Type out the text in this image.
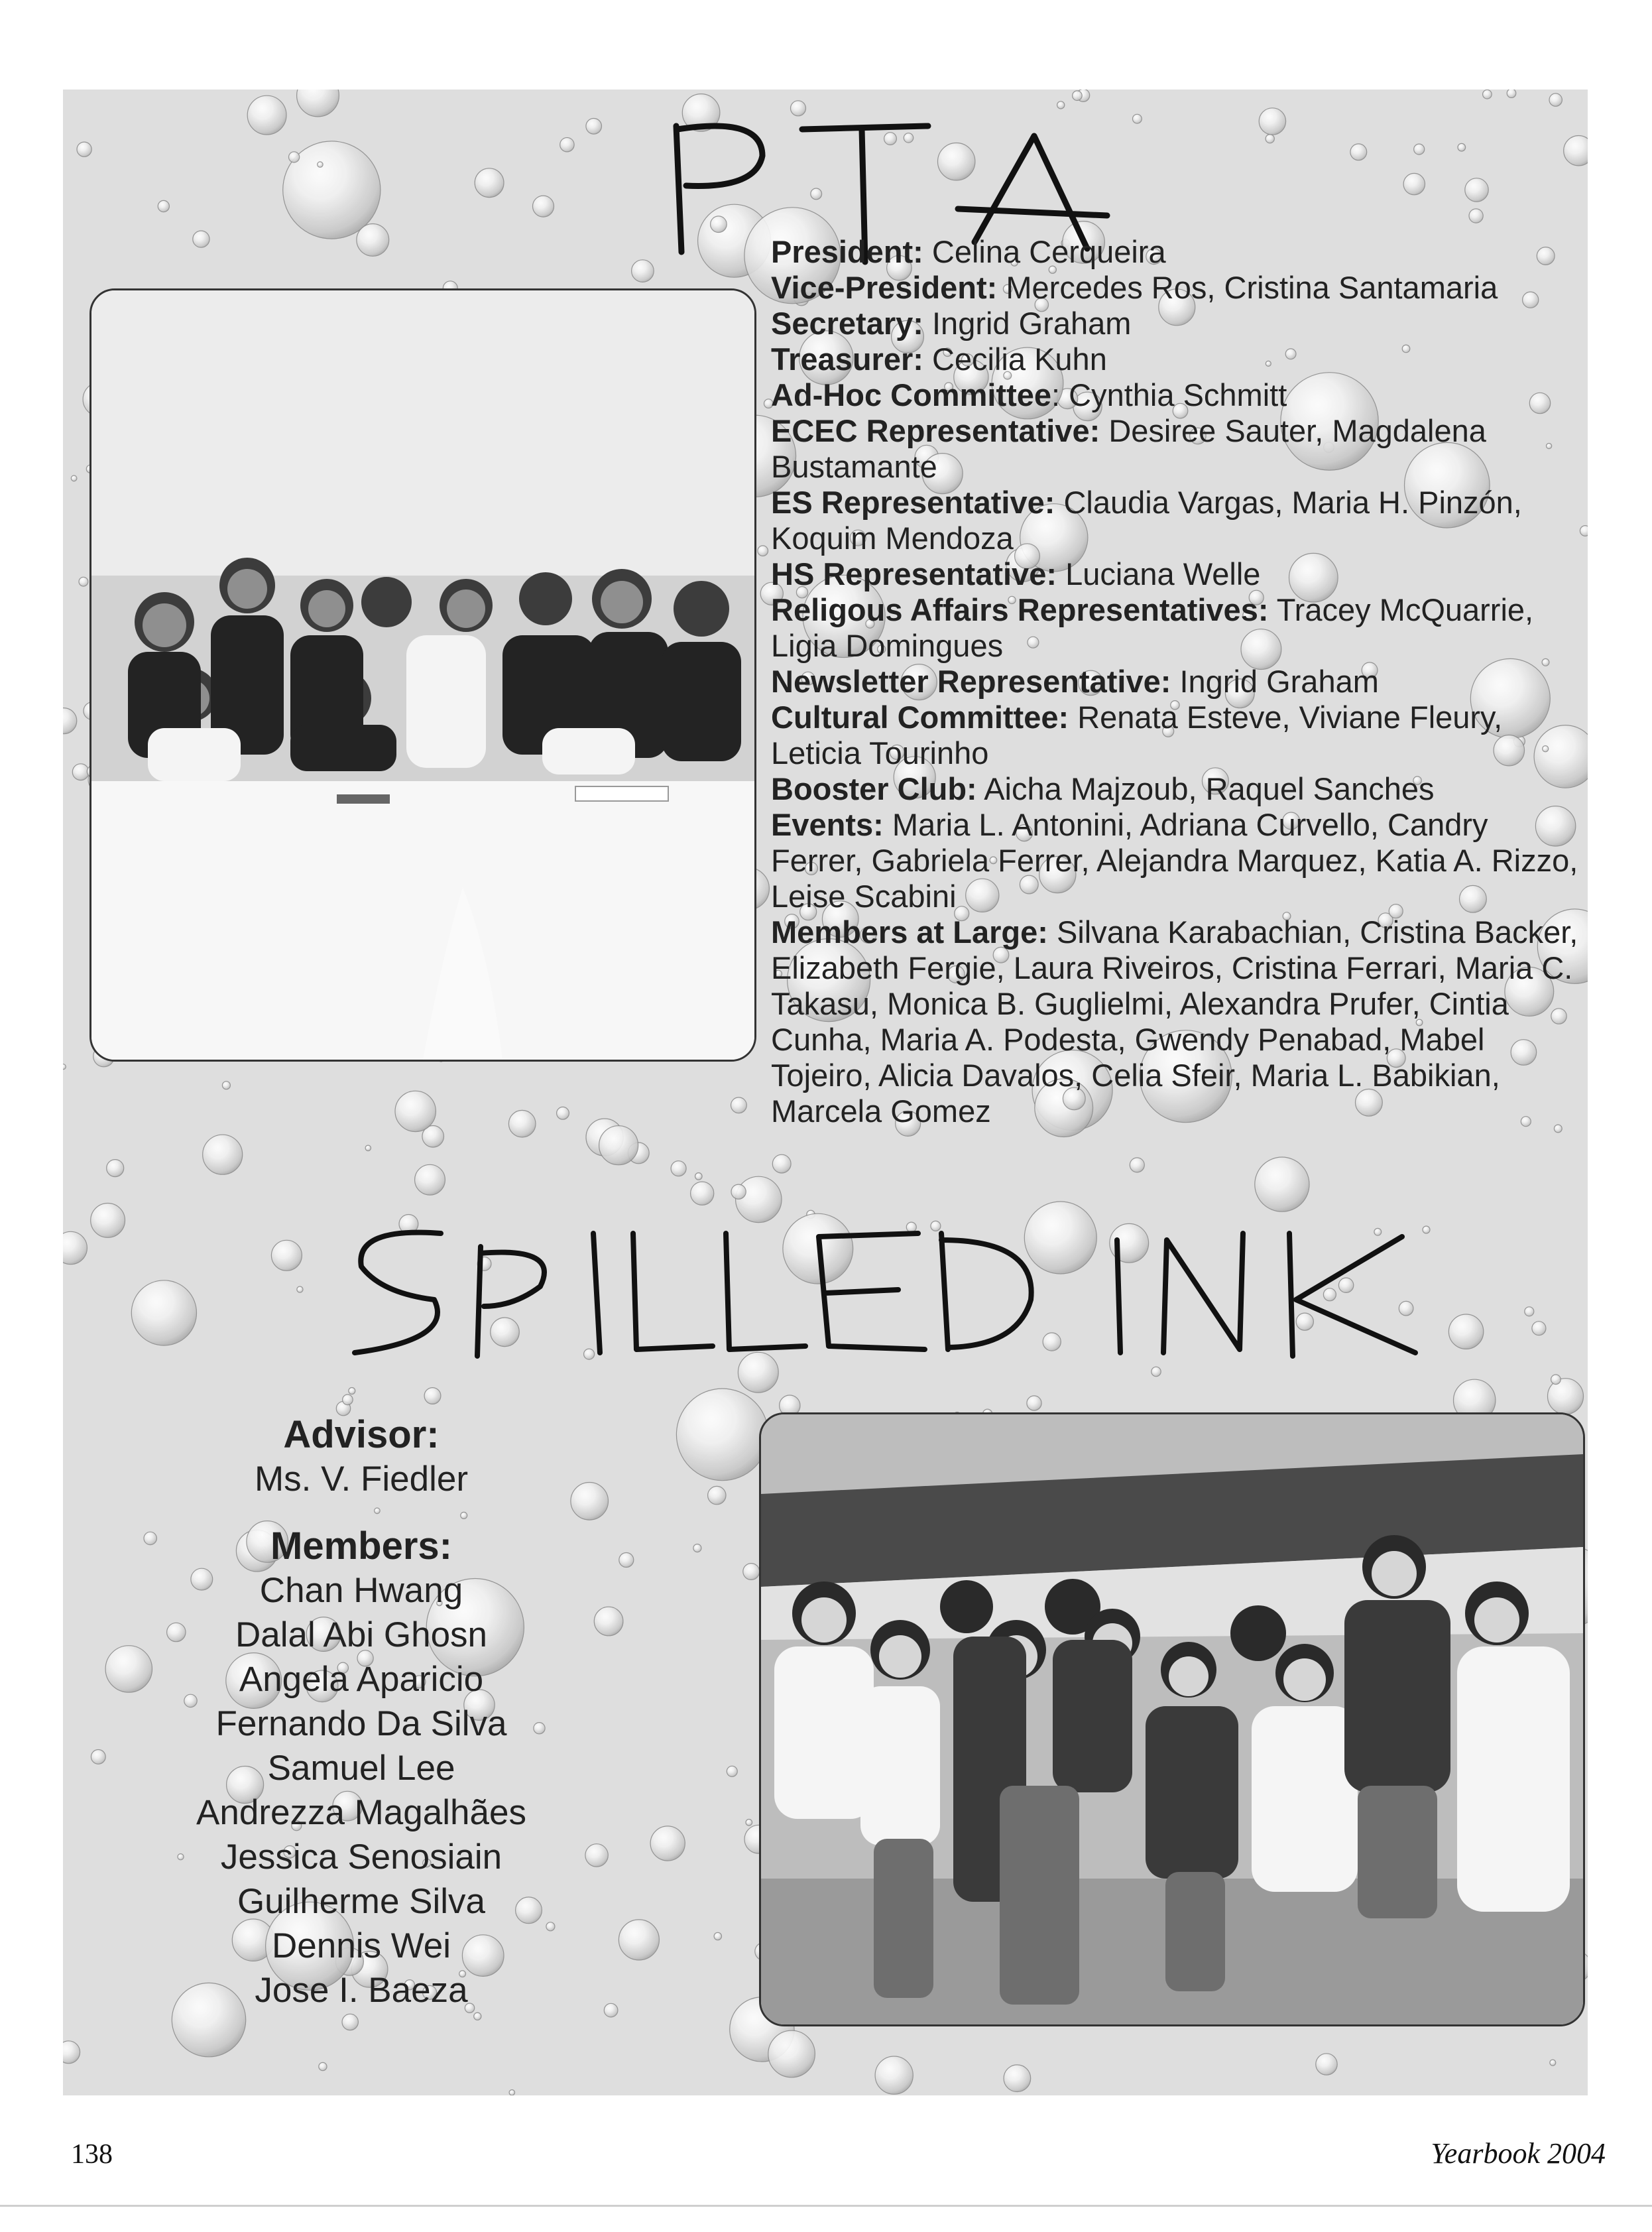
PTA
SPILLED INK

President: Celina Cerqueira

Vice-President: Mercedes Ros, Cristina Santamaria

Secretary: Ingrid Graham

Treasurer: Cecilia Kuhn

Ad-Hoc Committee: Cynthia Schmitt

ECEC Representative: Desiree Sauter, Magdalena Bustamante

ES Representative: Claudia Vargas, Maria H. Pinzón, Koquim Mendoza

HS Representative: Luciana Welle

Religous Affairs Representatives: Tracey McQuarrie, Ligia Domingues

Newsletter Representative: Ingrid Graham

Cultural Committee: Renata Esteve, Viviane Fleury, Leticia Tourinho

Booster Club: Aicha Majzoub, Raquel Sanches

Events: Maria L. Antonini, Adriana Curvello, Candry Ferrer, Gabriela Ferrer, Alejandra Marquez, Katia A. Rizzo, Leise Scabini

Members at Large: Silvana Karabachian, Cristina Backer, Elizabeth Fergie, Laura Riveiros, Cristina Ferrari, Maria C. Takasu, Monica B. Guglielmi, Alexandra Prufer, Cintia Cunha, Maria A. Podesta, Gwendy Penabad, Mabel Tojeiro, Alicia Davalos, Celia Sfeir, Maria L. Babikian, Marcela Gomez

Advisor:
Ms. V. Fiedler
Members:
Chan Hwang
Dalal Abi Ghosn
Angela Aparicio
Fernando Da Silva
Samuel Lee
Andrezza Magalhães
Jessica Senosiain
Guilherme Silva
Dennis Wei
Jose I. Baeza
138	Yearbook 2004
